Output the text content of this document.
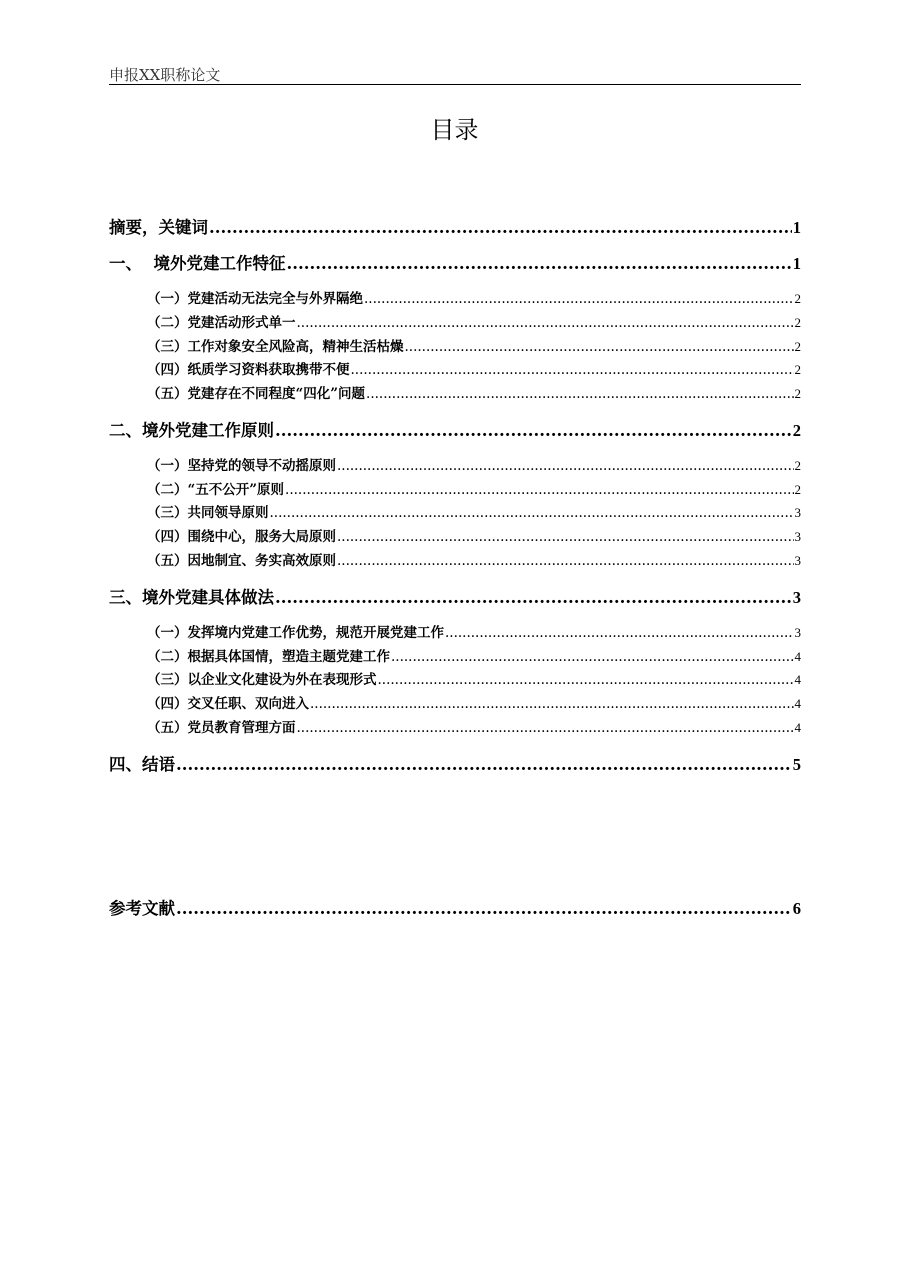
申报XX职称论文
目录
摘要，关键词 .....	1
一、  境外党建工作特征 .....	1
（一）党建活动无法完全与外界隔绝 .....	2
（二）党建活动形式单一 .....	2
（三）工作对象安全风险高，精神生活枯燥 .....	2
（四）纸质学习资料获取携带不便 .....	2
（五）党建存在不同程度“四化”问题 .....	2
二、境外党建工作原则 .....	2
（一）坚持党的领导不动摇原则 .....	2
（二）“五不公开”原则 .....	2
（三）共同领导原则 .....	3
（四）围绕中心，服务大局原则 .....	3
（五）因地制宜、务实高效原则 .....	3
三、境外党建具体做法 .....	3
（一）发挥境内党建工作优势，规范开展党建工作 .....	3
（二）根据具体国情，塑造主题党建工作 .....	4
（三）以企业文化建设为外在表现形式 .....	4
（四）交叉任职、双向进入 .....	4
（五）党员教育管理方面 .....	4
四、结语 .....	5
参考文献 .....	6
